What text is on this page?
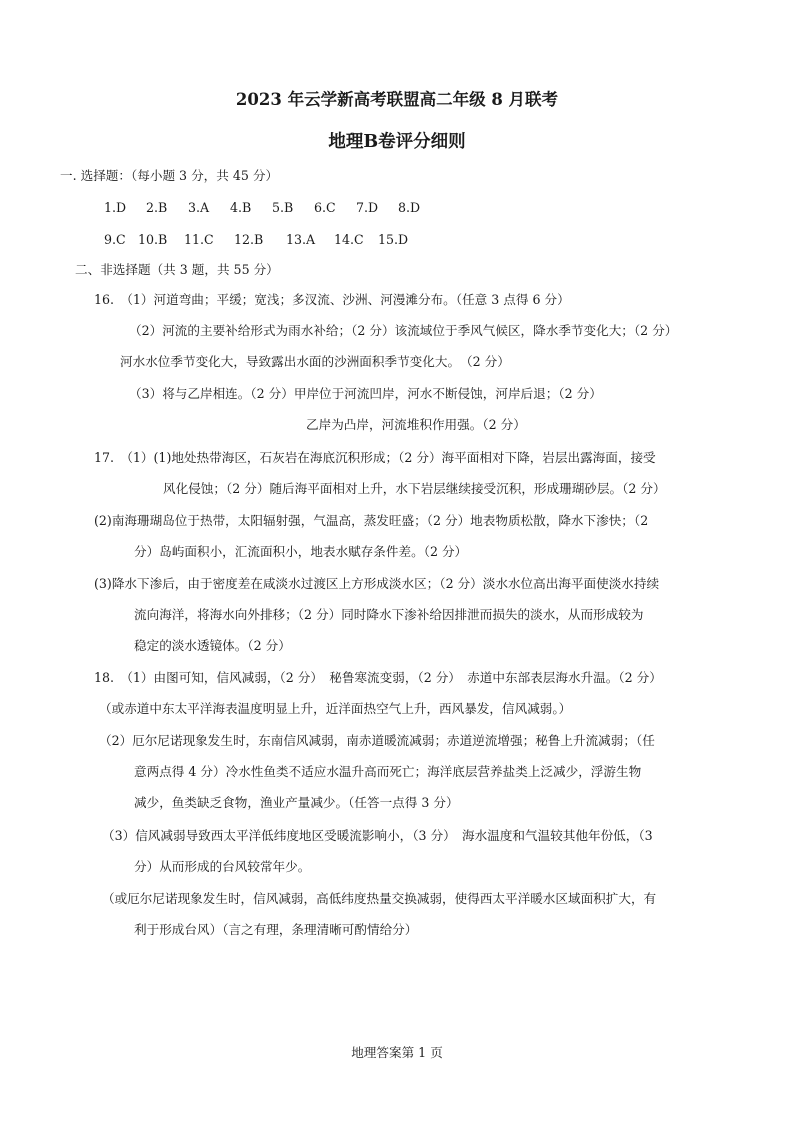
2023 年云学新高考联盟高二年级 8 月联考
地理B卷评分细则
一. 选择题：（每小题 3 分，共 45 分）
1.D	2.B	3.A	4.B	5.B	6.C	7.D	8.D
9.C 10.B	11.C	12.B	13.A	14.C	15.D
二、非选择题（共 3 题，共 55 分）
16.　（1）河道弯曲；平缓；宽浅；多汊流、沙洲、河漫滩分布。（任意 3 点得 6 分）
（2）河流的主要补给形式为雨水补给；（2 分）该流域位于季风气候区，降水季节变化大；（2 分）
河水水位季节变化大，导致露出水面的沙洲面积季节变化大。　（2 分）
（3）将与乙岸相连。（2 分）甲岸位于河流凹岸，河水不断侵蚀，河岸后退；（2 分）
乙岸为凸岸，河流堆积作用强。（2 分）
17.　（1）(1)地处热带海区，石灰岩在海底沉积形成；（2 分）海平面相对下降，岩层出露海面，接受
风化侵蚀；（2 分）随后海平面相对上升，水下岩层继续接受沉积，形成珊瑚砂层。（2 分）
(2)南海珊瑚岛位于热带，太阳辐射强，气温高，蒸发旺盛；（2 分）地表物质松散，降水下渗快；（2
分）岛屿面积小，汇流面积小，地表水赋存条件差。（2 分）
(3)降水下渗后，由于密度差在咸淡水过渡区上方形成淡水区；（2 分）淡水水位高出海平面使淡水持续
流向海洋，将海水向外排移；（2 分）同时降水下渗补给因排泄而损失的淡水，从而形成较为
稳定的淡水透镜体。（2 分）
18.　（1）由图可知，信风减弱，（2 分）　秘鲁寒流变弱，（2 分）　赤道中东部表层海水升温。（2 分）
（或赤道中东太平洋海表温度明显上升，近洋面热空气上升，西风暴发，信风减弱。）
（2）厄尔尼诺现象发生时，东南信风减弱，南赤道暖流减弱；赤道逆流增强；秘鲁上升流减弱；（任
意两点得 4 分）冷水性鱼类不适应水温升高而死亡；海洋底层营养盐类上泛减少，浮游生物
减少，鱼类缺乏食物，渔业产量减少。（任答一点得 3 分）
（3）信风减弱导致西太平洋低纬度地区受暖流影响小，（3 分）　海水温度和气温较其他年份低，（3
分）从而形成的台风较常年少。
（或厄尔尼诺现象发生时，信风减弱，高低纬度热量交换减弱，使得西太平洋暖水区域面积扩大，有
利于形成台风）（言之有理，条理清晰可酌情给分）
地理答案第 1 页
